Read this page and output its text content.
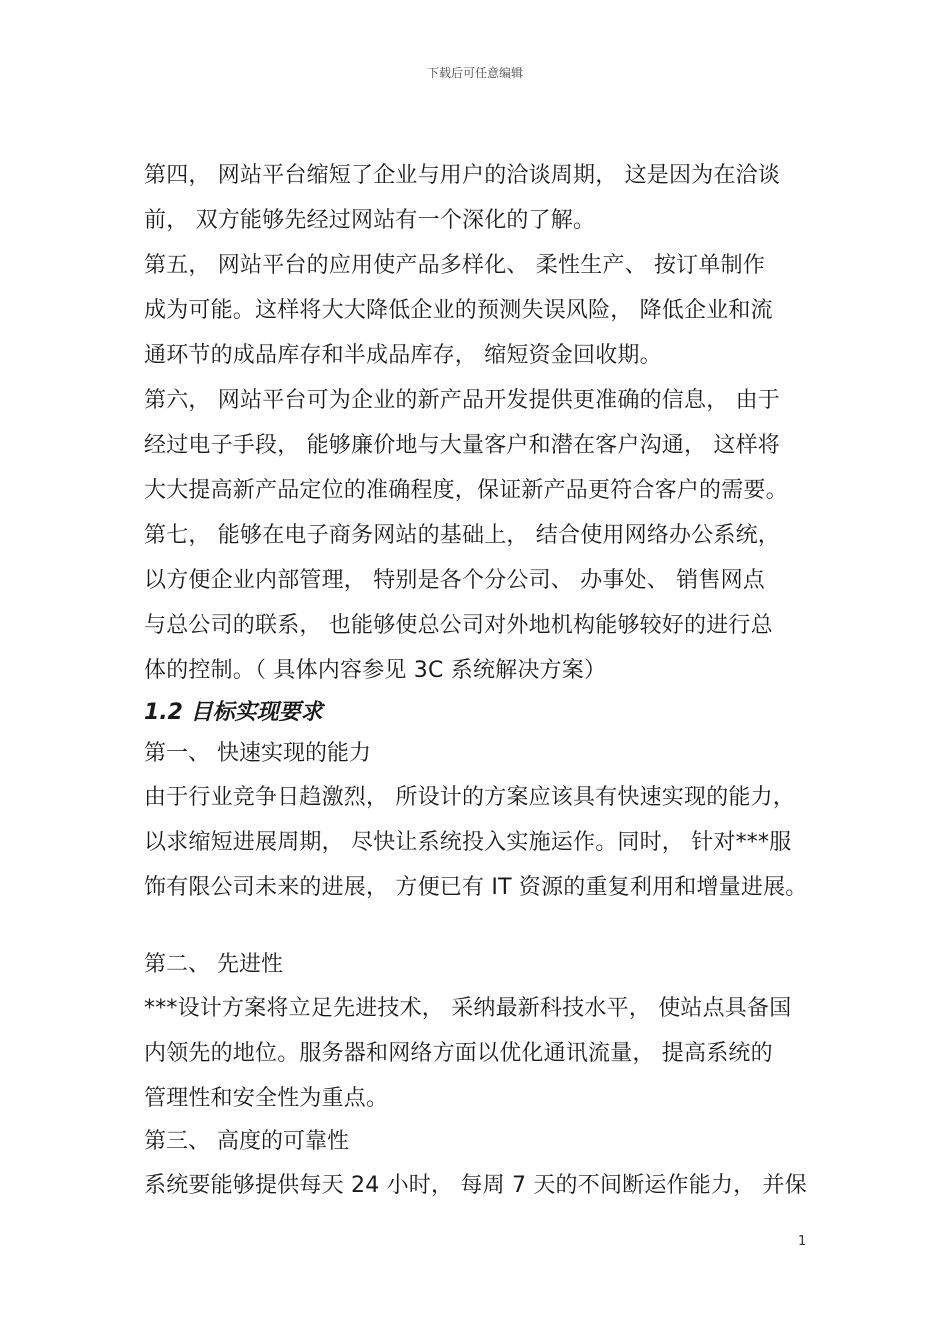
下载后可任意编辑
第四， 网站平台缩短了企业与用户的洽谈周期， 这是因为在洽谈
前， 双方能够先经过网站有一个深化的了解。
第五， 网站平台的应用使产品多样化、 柔性生产、 按订单制作
成为可能。这样将大大降低企业的预测失误风险， 降低企业和流
通环节的成品库存和半成品库存， 缩短资金回收期。
第六， 网站平台可为企业的新产品开发提供更准确的信息， 由于
经过电子手段， 能够廉价地与大量客户和潜在客户沟通， 这样将
大大提高新产品定位的准确程度，保证新产品更符合客户的需要。
第七， 能够在电子商务网站的基础上， 结合使用网络办公系统，
以方便企业内部管理， 特别是各个分公司、 办事处、 销售网点
与总公司的联系， 也能够使总公司对外地机构能够较好的进行总
体的控制。（ 具体内容参见 3C 系统解决方案）
1.2 目标实现要求
第一、 快速实现的能力
由于行业竞争日趋激烈， 所设计的方案应该具有快速实现的能力，
以求缩短进展周期， 尽快让系统投入实施运作。同时， 针对***服
饰有限公司未来的进展， 方便已有 IT 资源的重复利用和增量进展。
第二、 先进性
***设计方案将立足先进技术， 采纳最新科技水平， 使站点具备国
内领先的地位。服务器和网络方面以优化通讯流量， 提高系统的
管理性和安全性为重点。
第三、 高度的可靠性
系统要能够提供每天 24 小时， 每周 7 天的不间断运作能力， 并保
1
